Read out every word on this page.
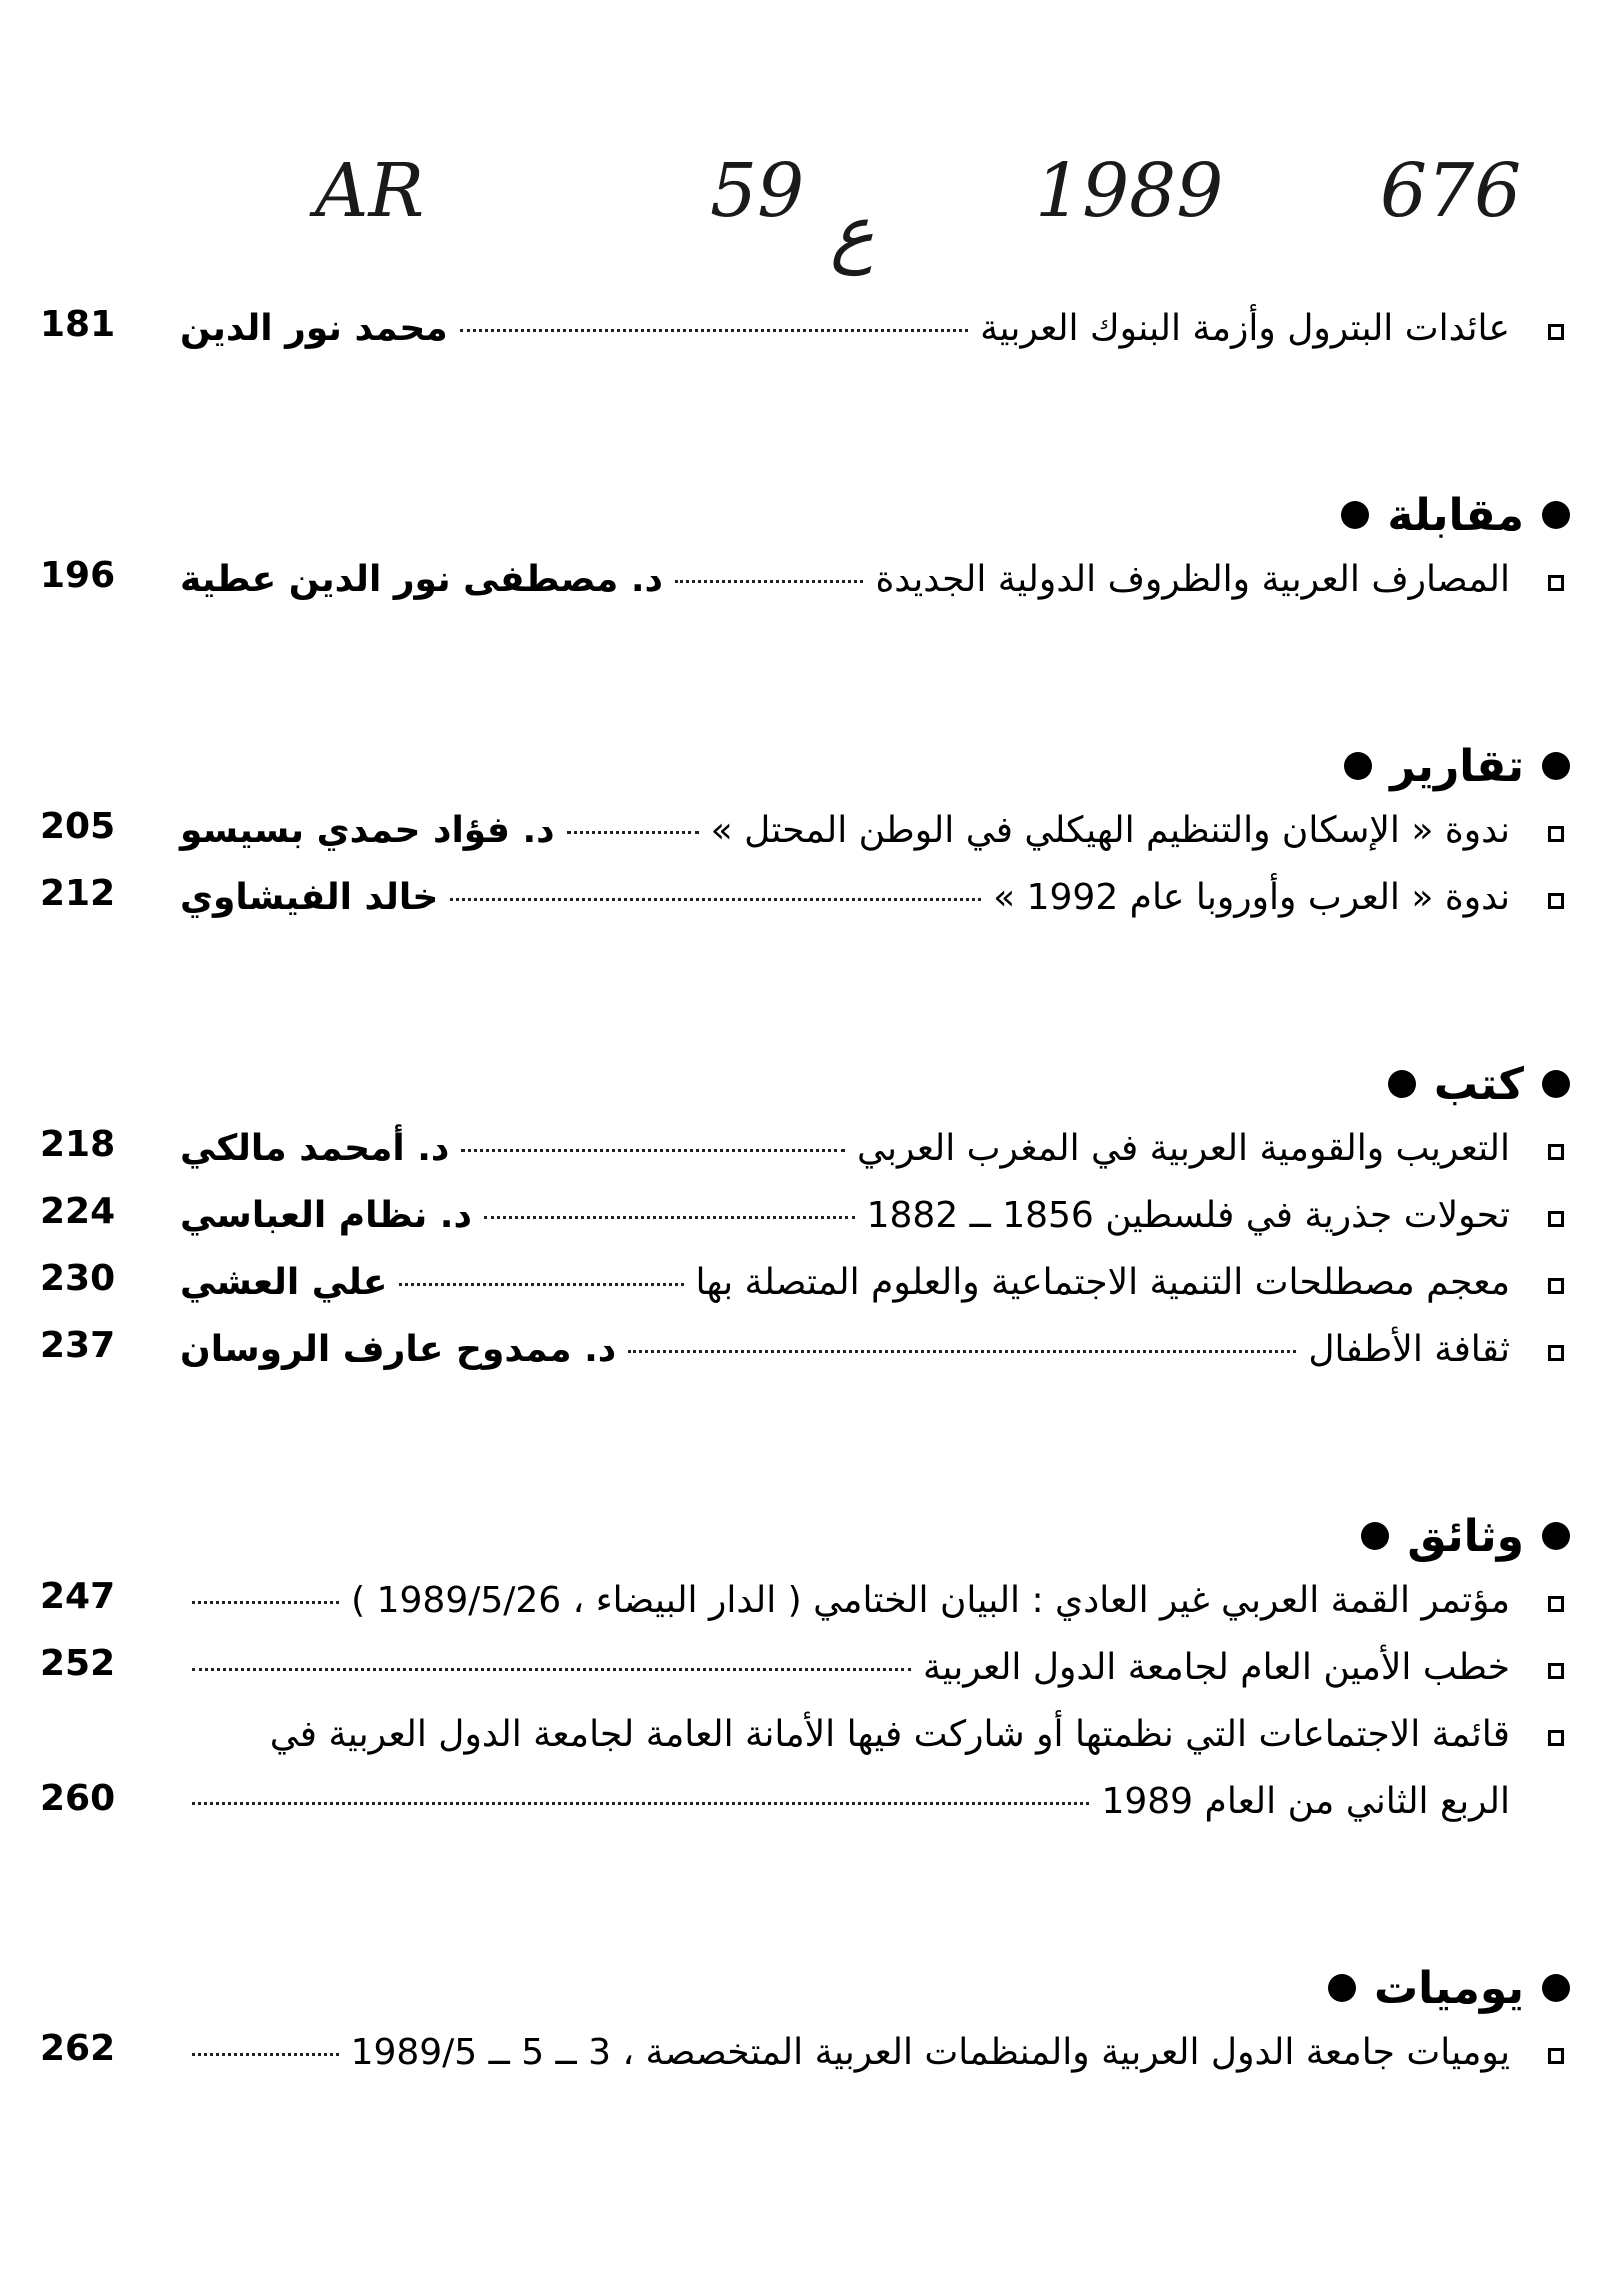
AR	59 ع 1989 676
عائدات البترول وأزمة البنوك العربية
محمد نور الدين
181
مقابلة
المصارف العربية والظروف الدولية الجديدة
د. مصطفى نور الدين عطية
196
تقارير
ندوة « الإسكان والتنظيم الهيكلي في الوطن المحتل »
د. فؤاد حمدي بسيسو
205
ندوة « العرب وأوروبا عام 1992 »
خالد الفيشاوي
212
كتب
التعريب والقومية العربية في المغرب العربي
د. أمحمد مالكي
218
تحولات جذرية في فلسطين 1856 ــ 1882
د. نظام العباسي
224
معجم مصطلحات التنمية الاجتماعية والعلوم المتصلة بها
علي العشي
230
ثقافة الأطفال
د. ممدوح عارف الروسان
237
وثائق
مؤتمر القمة العربي غير العادي : البيان الختامي ( الدار البيضاء ، 1989/5/26 )
247
خطب الأمين العام لجامعة الدول العربية
252
قائمة الاجتماعات التي نظمتها أو شاركت فيها الأمانة العامة لجامعة الدول العربية في
الربع الثاني من العام 1989
260
يوميات
يوميات جامعة الدول العربية والمنظمات العربية المتخصصة ، 3 ــ 5 ــ 1989/5
262
